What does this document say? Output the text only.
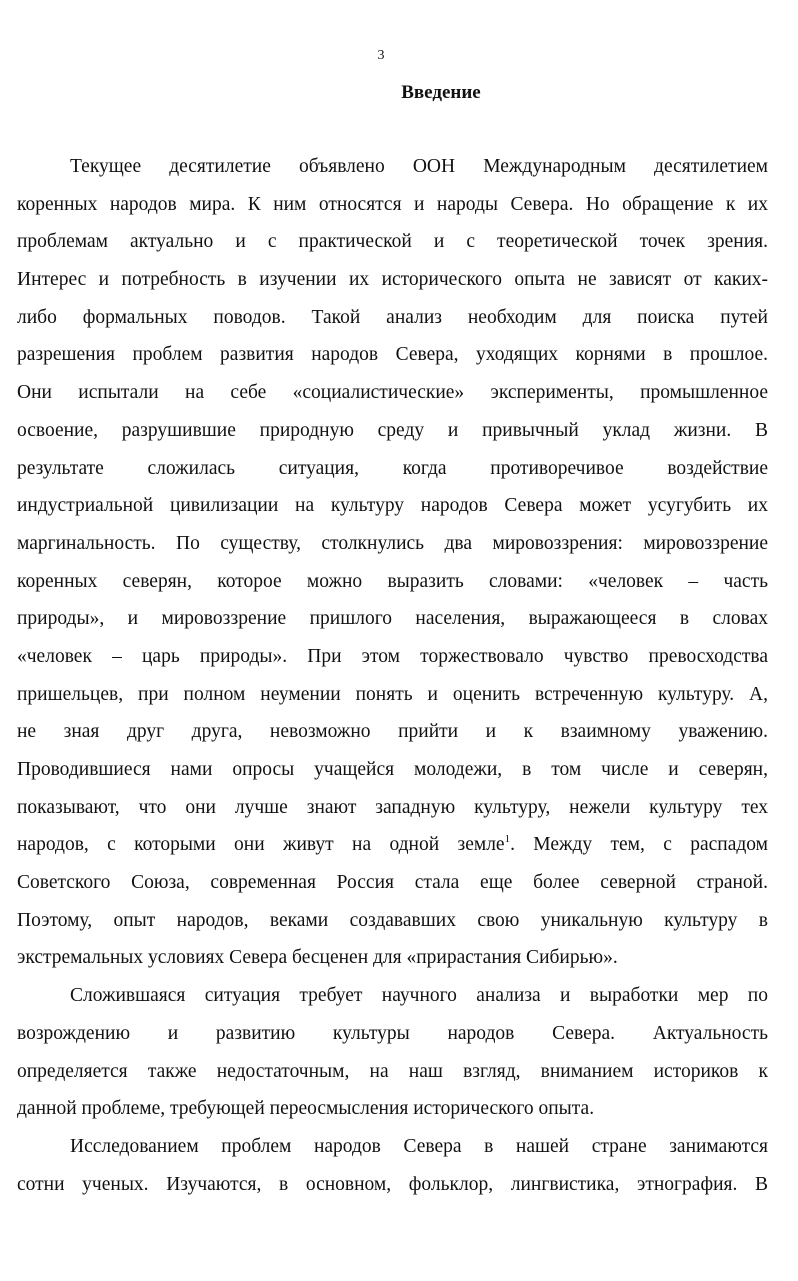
3
Введение
Текущее десятилетие объявлено ООН Международным десятилетием
коренных народов мира. К ним относятся и народы Севера. Но обращение к их
проблемам актуально и с практической и с теоретической точек зрения.
Интерес и потребность в изучении их исторического опыта не зависят от каких-
либо формальных поводов. Такой анализ необходим для поиска путей
разрешения проблем развития народов Севера, уходящих корнями в прошлое.
Они испытали на себе «социалистические» эксперименты, промышленное
освоение, разрушившие природную среду и привычный уклад жизни. В
результате сложилась ситуация, когда противоречивое воздействие
индустриальной цивилизации на культуру народов Севера может усугубить их
маргинальность. По существу, столкнулись два мировоззрения: мировоззрение
коренных северян, которое можно выразить словами: «человек – часть
природы», и мировоззрение пришлого населения, выражающееся в словах
«человек – царь природы». При этом торжествовало чувство превосходства
пришельцев, при полном неумении понять и оценить встреченную культуру. А,
не зная друг друга, невозможно прийти и к взаимному уважению.
Проводившиеся нами опросы учащейся молодежи, в том числе и северян,
показывают, что они лучше знают западную культуру, нежели культуру тех
народов, с которыми они живут на одной земле$^1$. Между тем, с распадом
Советского Союза, современная Россия стала еще более северной страной.
Поэтому, опыт народов, веками создававших свою уникальную культуру в
экстремальных условиях Севера бесценен для «прирастания Сибирью».
Сложившаяся ситуация требует научного анализа и выработки мер по
возрождению и развитию культуры народов Севера. Актуальность
определяется также недостаточным, на наш взгляд, вниманием историков к
данной проблеме, требующей переосмысления исторического опыта.
Исследованием проблем народов Севера в нашей стране занимаются
сотни ученых. Изучаются, в основном, фольклор, лингвистика, этнография. В
